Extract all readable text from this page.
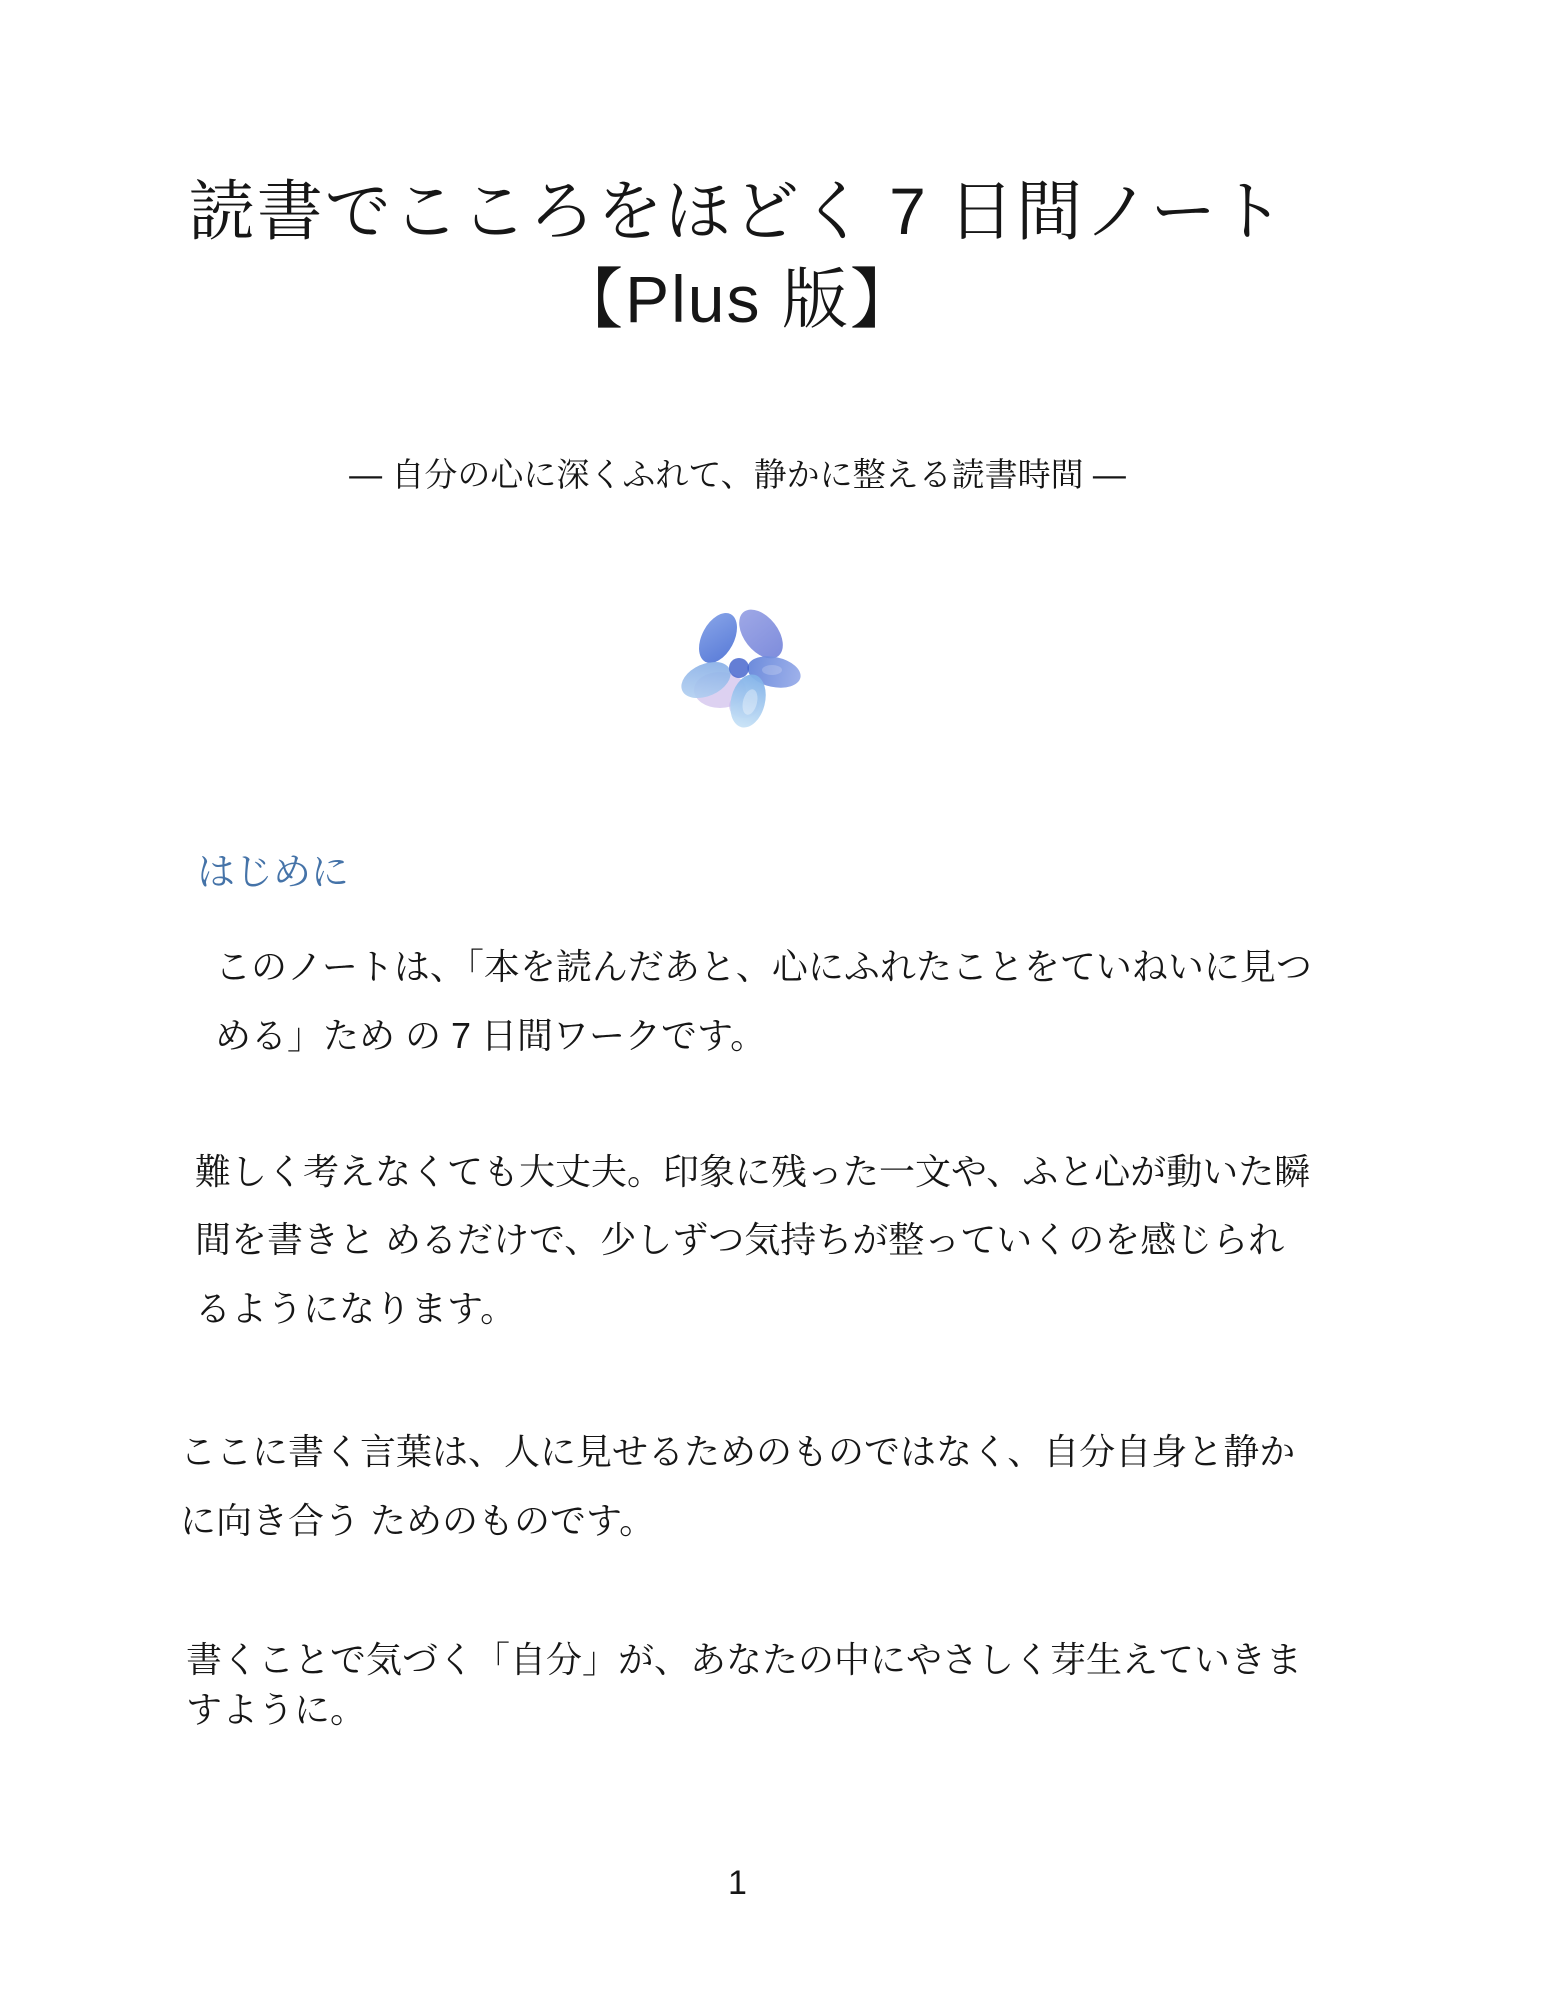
読書でこころをほどく 7 日間ノート
【Plus 版】
― 自分の心に深くふれて、静かに整える読書時間 ―
はじめに
このノートは、「本を読んだあと、心にふれたことをていねいに見つ
める」ため の 7 日間ワークです。
難しく考えなくても大丈夫。印象に残った一文や、ふと心が動いた瞬
間を書きと めるだけで、少しずつ気持ちが整っていくのを感じられ
るようになります。
ここに書く言葉は、人に見せるためのものではなく、自分自身と静か
に向き合う ためのものです。
書くことで気づく「自分」が、あなたの中にやさしく芽生えていきま
すように。
1
